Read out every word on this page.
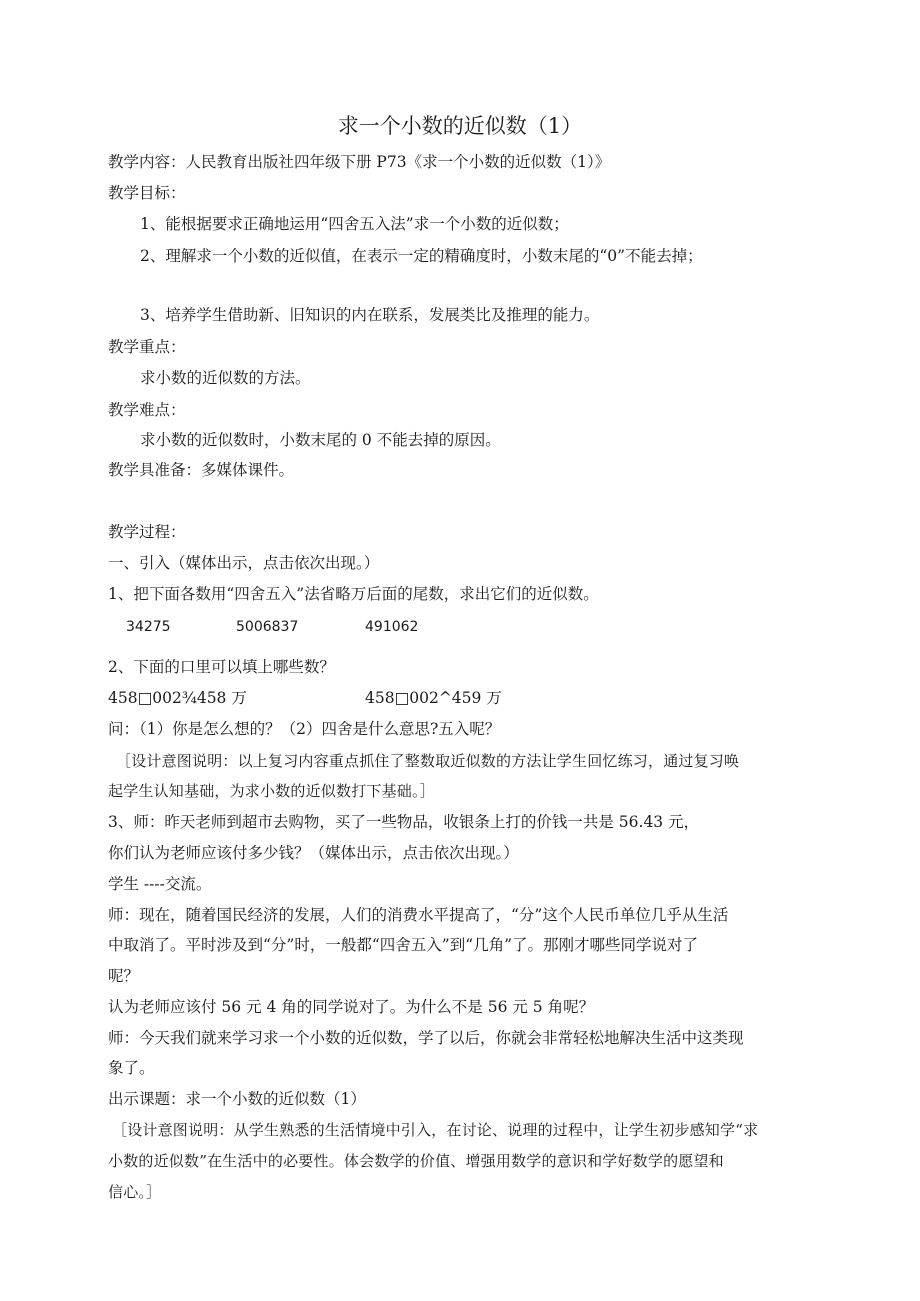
求一个小数的近似数（1）
教学内容：人民教育出版社四年级下册 P73《求一个小数的近似数（1）》
教学目标：
1、能根据要求正确地运用“四舍五入法”求一个小数的近似数；
2、理解求一个小数的近似值，在表示一定的精确度时，小数末尾的“0”不能去掉；
3、培养学生借助新、旧知识的内在联系，发展类比及推理的能力。
教学重点：
求小数的近似数的方法。
教学难点：
求小数的近似数时，小数末尾的 0 不能去掉的原因。
教学具准备：多媒体课件。
教学过程：
一、引入（媒体出示，点击依次出现。）
1、把下面各数用“四舍五入”法省略万后面的尾数，求出它们的近似数。
34275	5006837	491062
2、下面的口里可以填上哪些数？
458□002¾458 万	458□002^459 万
问：（1）你是怎么想的？（2）四舍是什么意思?五入呢？
［设计意图说明：以上复习内容重点抓住了整数取近似数的方法让学生回忆练习，通过复习唤
起学生认知基础，为求小数的近似数打下基础。］
3、师：昨天老师到超市去购物，买了一些物品，收银条上打的价钱一共是 56.43 元，
你们认为老师应该付多少钱？（媒体出示，点击依次出现。）
学生 ----交流。
师：现在，随着国民经济的发展，人们的消费水平提高了，“分”这个人民币单位几乎从生活
中取消了。平时涉及到“分”时，一般都“四舍五入”到“几角”了。那刚才哪些同学说对了
呢？
认为老师应该付 56 元 4 角的同学说对了。为什么不是 56 元 5 角呢？
师：今天我们就来学习求一个小数的近似数，学了以后，你就会非常轻松地解决生活中这类现
象了。
出示课题：求一个小数的近似数（1）
［设计意图说明：从学生熟悉的生活情境中引入，在讨论、说理的过程中，让学生初步感知学“求
小数的近似数”在生活中的必要性。体会数学的价值、增强用数学的意识和学好数学的愿望和
信心。］
